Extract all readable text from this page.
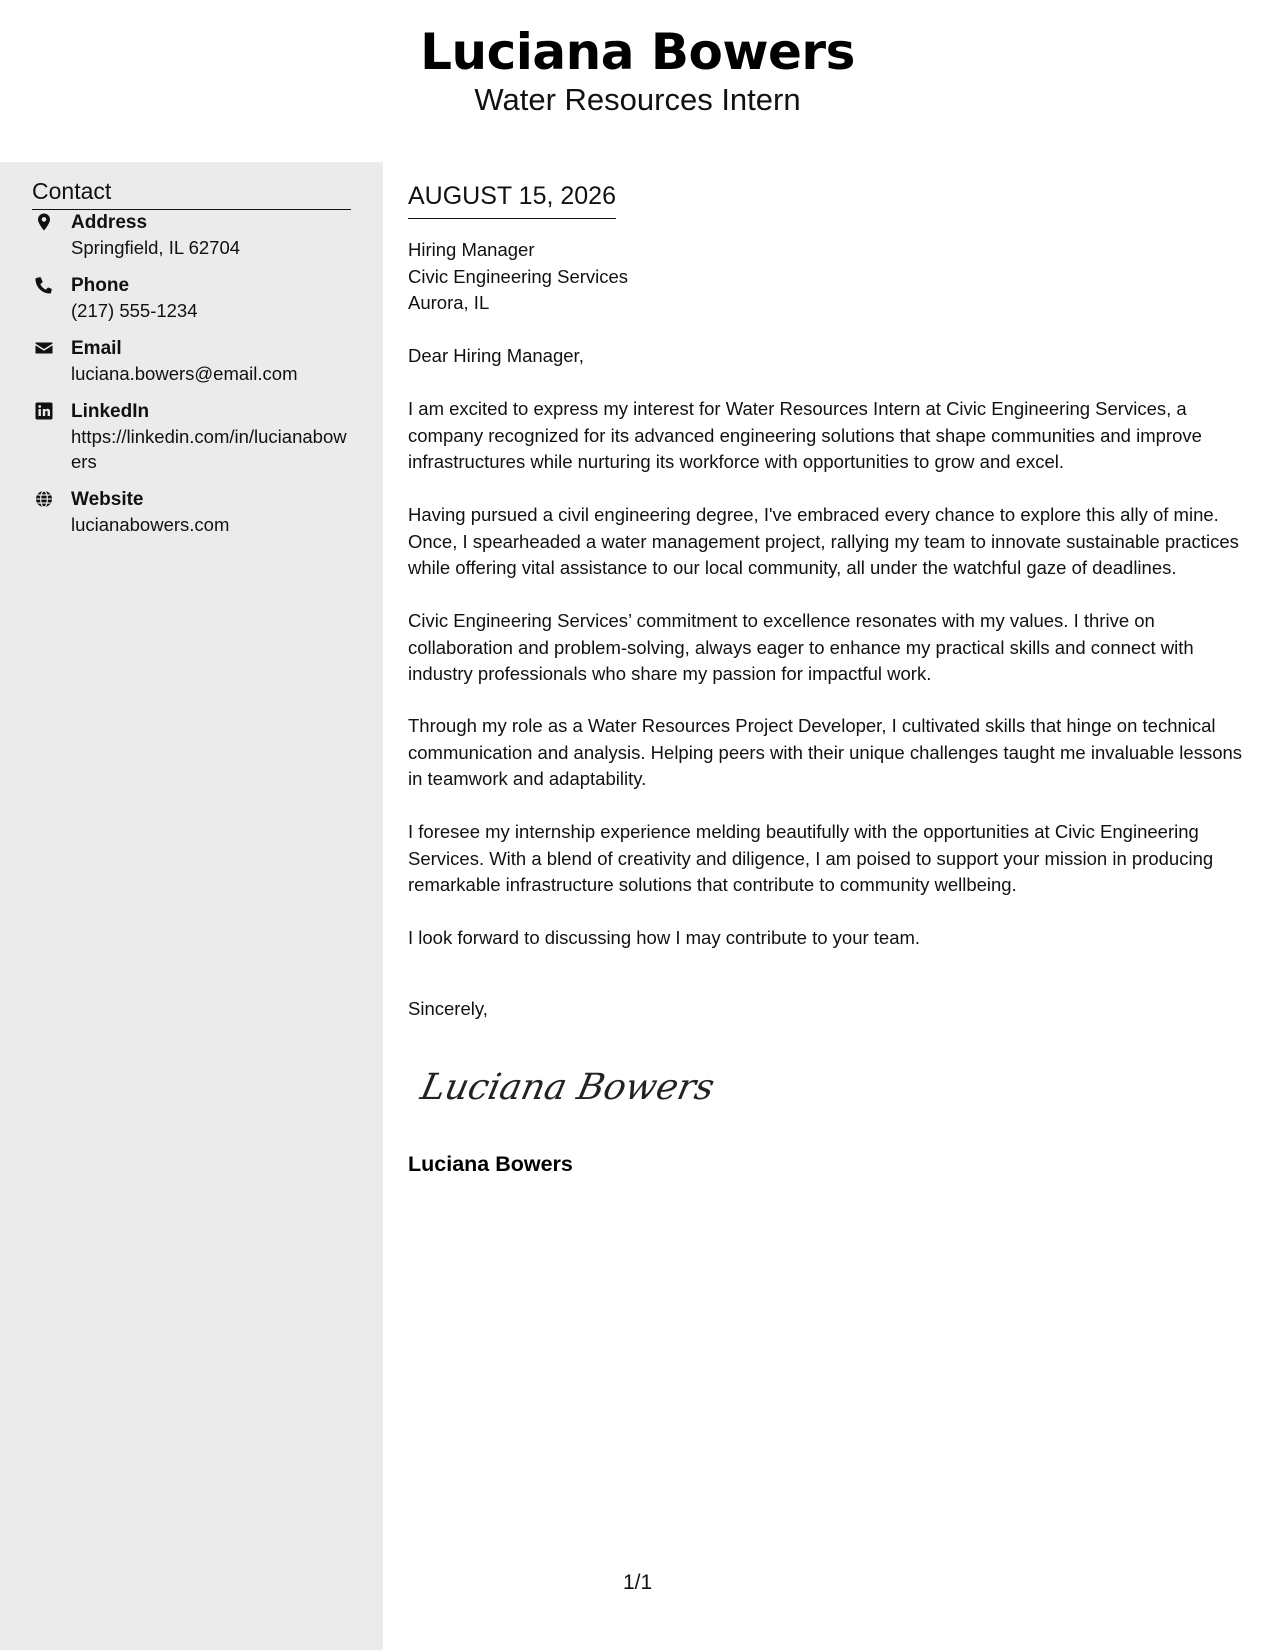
Luciana Bowers
Water Resources Intern
Contact
Address
Springfield, IL 62704
Phone
(217) 555-1234
Email
luciana.bowers@email.com
LinkedIn
https://linkedin.com/in/lucianabowers
Website
lucianabowers.com
AUGUST 15, 2026
Hiring Manager
Civic Engineering Services
Aurora, IL
Dear Hiring Manager,
I am excited to express my interest for Water Resources Intern at Civic Engineering Services, a company recognized for its advanced engineering solutions that shape communities and improve infrastructures while nurturing its workforce with opportunities to grow and excel.
Having pursued a civil engineering degree, I've embraced every chance to explore this ally of mine. Once, I spearheaded a water management project, rallying my team to innovate sustainable practices while offering vital assistance to our local community, all under the watchful gaze of deadlines.
Civic Engineering Services’ commitment to excellence resonates with my values. I thrive on collaboration and problem-solving, always eager to enhance my practical skills and connect with industry professionals who share my passion for impactful work.
Through my role as a Water Resources Project Developer, I cultivated skills that hinge on technical communication and analysis. Helping peers with their unique challenges taught me invaluable lessons in teamwork and adaptability.
I foresee my internship experience melding beautifully with the opportunities at Civic Engineering Services. With a blend of creativity and diligence, I am poised to support your mission in producing remarkable infrastructure solutions that contribute to community wellbeing.
I look forward to discussing how I may contribute to your team.
Sincerely,
Luciana Bowers
Luciana Bowers
1/1
